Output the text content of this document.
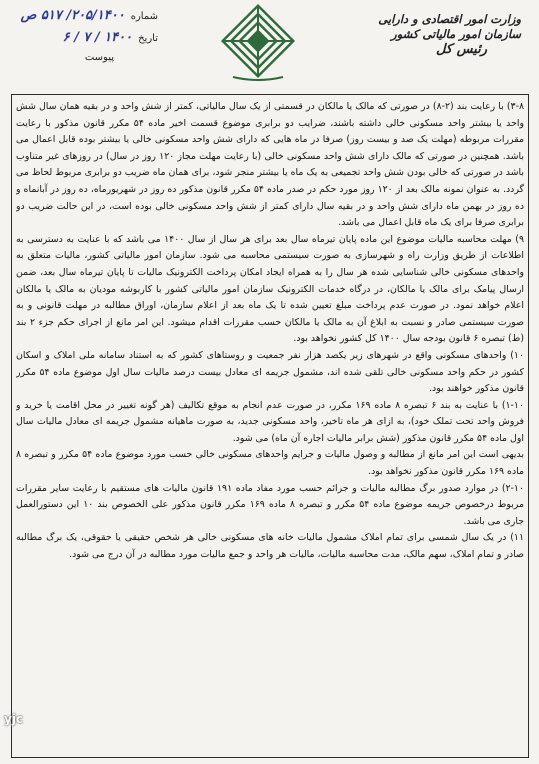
وزارت امور اقتصادی و دارایی
سازمان امور مالیاتی کشور
رئیس کل
شماره
۲۰۵/۱۴۰۰/ ۵۱۷ ص
تاریخ
۱۴۰۰ / ۷ / ۶
پیوست

۳-۸) با رعایت بند (۲-۸) در صورتی که مالک یا مالکان در قسمتی از یک سال مالیاتی، کمتر از شش واحد و در بقیه همان سال شش واحد یا بیشتر واحد مسکونی خالی داشته باشند، ضرایب دو برابری موضوع قسمت اخیر ماده ۵۴ مکرر قانون مذکور با رعایت مقررات مربوطه (مهلت یک صد و بیست روز) صرفا در ماه هایی که دارای شش واحد مسکونی خالی یا بیشتر بوده قابل اعمال می باشد. همچنین در صورتی که مالک دارای شش واحد مسکونی خالی (با رعایت مهلت مجاز ۱۲۰ روز در سال) در روزهای غیر متناوب باشد در صورتی که خالی بودن شش واحد تجمیعی به یک ماه یا بیشتر منجر شود، برای همان ماه ضریب دو برابری مربوط لحاظ می گردد. به عنوان نمونه مالک بعد از ۱۲۰ روز مورد حکم در صدر ماده ۵۴ مکرر قانون مذکور ده روز در شهریورماه، ده روز در آبانماه و ده روز در بهمن ماه دارای شش واحد و در بقیه سال دارای کمتر از شش واحد مسکونی خالی بوده است، در این حالت ضریب دو برابری صرفا برای یک ماه قابل اعمال می باشد.

۹) مهلت محاسبه مالیات موضوع این ماده پایان تیرماه سال بعد برای هر سال از سال ۱۴۰۰ می باشد که با عنایت به دسترسی به اطلاعات از طریق وزارت راه و شهرسازی به صورت سیستمی محاسبه می شود. سازمان امور مالیاتی کشور، مالیات متعلق به واحدهای مسکونی خالی شناسایی شده هر سال را به همراه ایجاد امکان پرداخت الکترونیک مالیات تا پایان تیرماه سال بعد، ضمن ارسال پیامک برای مالک یا مالکان، در درگاه خدمات الکترونیک سازمان امور مالیاتی کشور با کاربوشه مودیان به مالک یا مالکان اعلام خواهد نمود. در صورت عدم پرداخت مبلغ تعیین شده تا یک ماه بعد از اعلام سازمان، اوراق مطالبه در مهلت قانونی و به صورت سیستمی صادر و نسبت به ابلاغ آن به مالک یا مالکان حسب مقررات اقدام میشود. این امر مانع از اجرای حکم جزء ۲ بند (ط) تبصره ۶ قانون بودجه سال ۱۴۰۰ کل کشور نخواهد بود.

۱۰) واحدهای مسکونی واقع در شهرهای زیر یکصد هزار نفر جمعیت و روستاهای کشور که به استناد سامانه ملی املاک و اسکان کشور در حکم واحد مسکونی خالی تلقی شده اند، مشمول جریمه ای معادل بیست درصد مالیات سال اول موضوع ماده ۵۴ مکرر قانون مذکور خواهند بود.

۱-۱۰) با عنایت به بند ۶ تبصره ۸ ماده ۱۶۹ مکرر، در صورت عدم انجام به موقع تکالیف (هر گونه تغییر در محل اقامت یا خرید و فروش واحد تحت تملک خود)، به ازای هر ماه تاخیر، واحد مسکونی جدید، به صورت ماهیانه مشمول جریمه ای معادل مالیات سال اول ماده ۵۴ مکرر قانون مذکور (شش برابر مالیات اجاره آن ماه) می شود.

بدیهی است این امر مانع از مطالبه و وصول مالیات و جرایم واحدهای مسکونی خالی حسب مورد موضوع ماده ۵۴ مکرر و تبصره ۸ ماده ۱۶۹ مکرر قانون مذکور نخواهد بود.

۲-۱۰) در موارد صدور برگ مطالبه مالیات و جرائم حسب مورد مفاد ماده ۱۹۱ قانون مالیات های مستقیم با رعایت سایر مقررات مربوط درخصوص جریمه موضوع ماده ۵۴ مکرر و تبصره ۸ ماده ۱۶۹ مکرر قانون مذکور علی الخصوص بند ۱۰ این دستورالعمل جاری می باشد.

۱۱) در یک سال شمسی برای تمام املاک مشمول مالیات خانه های مسکونی خالی هر شخص حقیقی یا حقوقی، یک برگ مطالبه صادر و تمام املاک، سهم مالک، مدت محاسبه مالیات، مالیات هر واحد و جمع مالیات مورد مطالبه در آن درج می شود.

yjc
